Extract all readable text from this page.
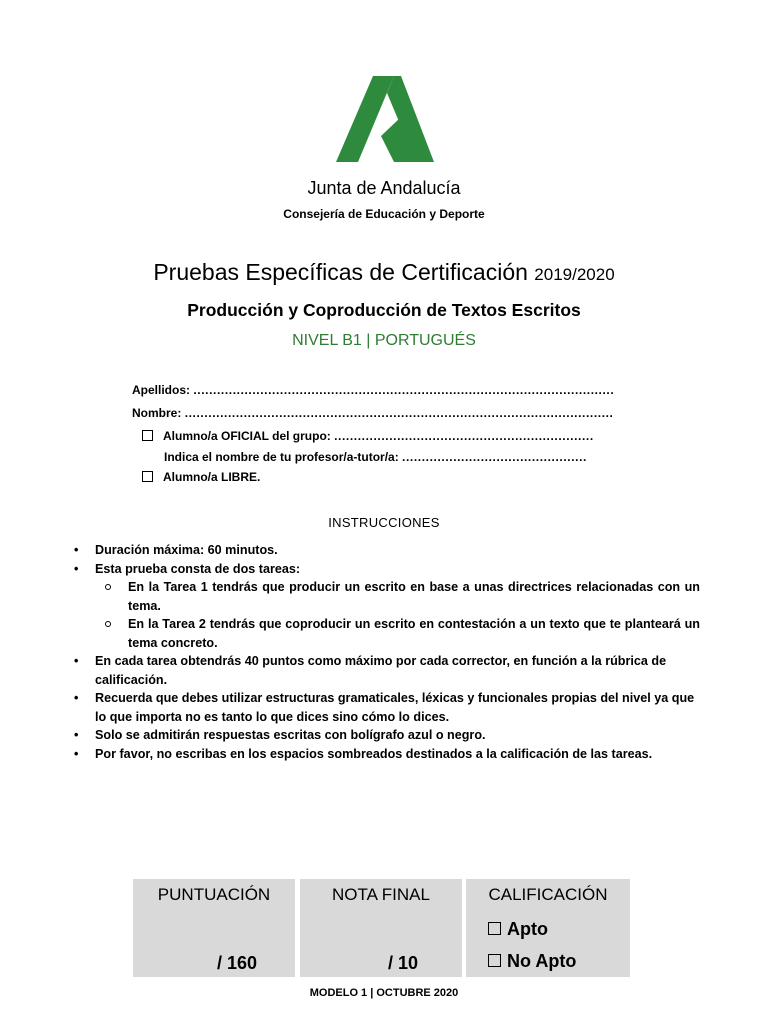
Junta de Andalucía
Consejería de Educación y Deporte
Pruebas Específicas de Certificación 2019/2020
Producción y Coproducción de Textos Escritos
NIVEL B1 | PORTUGUÉS
Apellidos: ...........................................................................................................
Nombre: .............................................................................................................
Alumno/a OFICIAL del grupo: ..................................................................
Indica el nombre de tu profesor/a-tutor/a: ...............................................
Alumno/a LIBRE.
INSTRUCCIONES
• Duración máxima: 60 minutos.
• Esta prueba consta de dos tareas:
En la Tarea 1 tendrás que producir un escrito en base a unas directrices relacionadas con un tema.
En la Tarea 2 tendrás que coproducir un escrito en contestación a un texto que te planteará un tema concreto.
• En cada tarea obtendrás 40 puntos como máximo por cada corrector, en función a la rúbrica de calificación.
• Recuerda que debes utilizar estructuras gramaticales, léxicas y funcionales propias del nivel ya que lo que importa no es tanto lo que dices sino cómo lo dices.
• Solo se admitirán respuestas escritas con bolígrafo azul o negro.
• Por favor, no escribas en los espacios sombreados destinados a la calificación de las tareas.
PUNTUACIÓN
/ 160
NOTA FINAL
/ 10
CALIFICACIÓN
Apto
No Apto
MODELO 1 | OCTUBRE 2020
